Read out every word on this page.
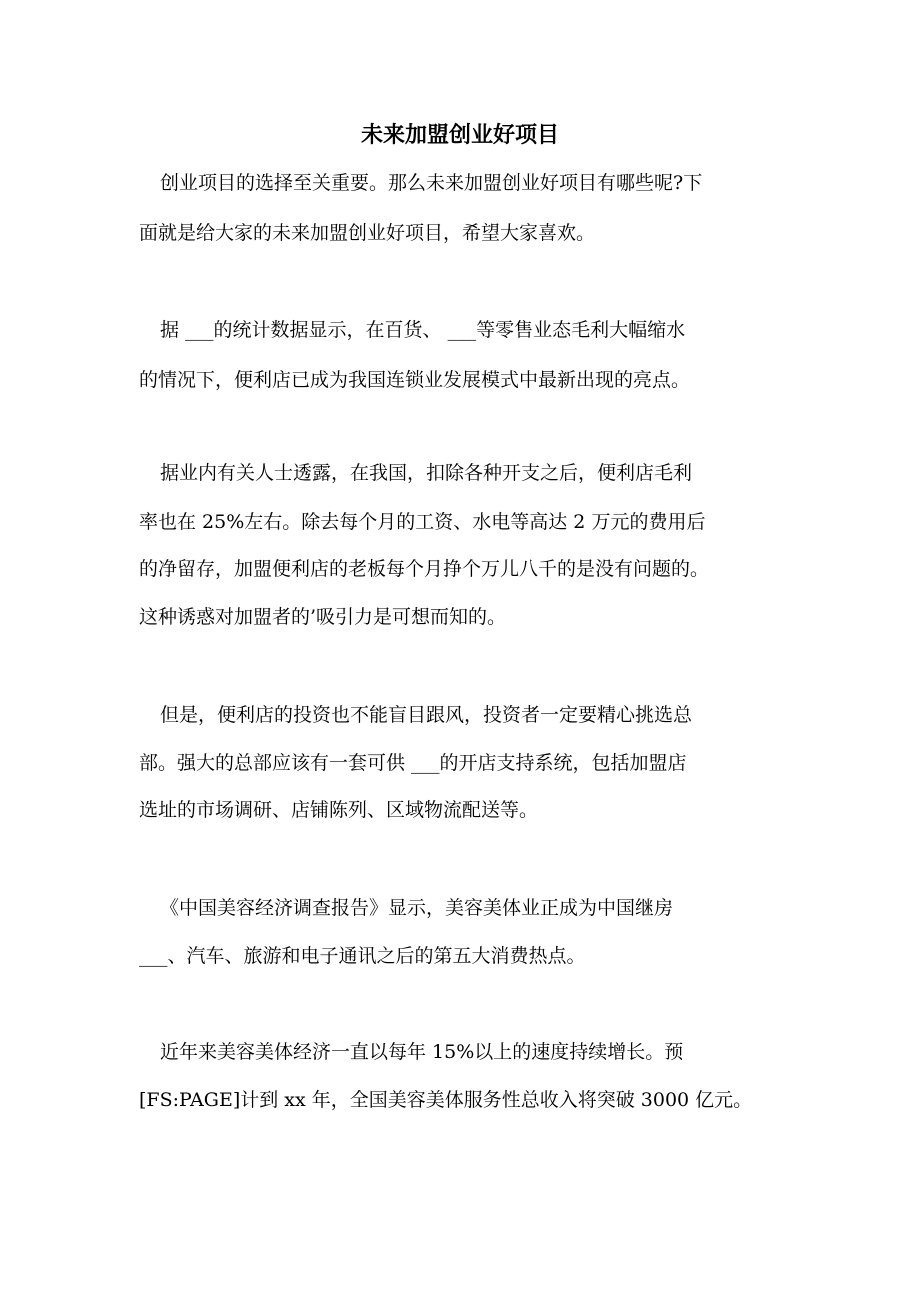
未来加盟创业好项目

创业项目的选择至关重要。那么未来加盟创业好项目有哪些呢?下

面就是给大家的未来加盟创业好项目，希望大家喜欢。

据 ___的统计数据显示，在百货、 ___等零售业态毛利大幅缩水

的情况下，便利店已成为我国连锁业发展模式中最新出现的亮点。

据业内有关人士透露，在我国，扣除各种开支之后，便利店毛利

率也在 25%左右。除去每个月的工资、水电等高达 2 万元的费用后

的净留存，加盟便利店的老板每个月挣个万儿八千的是没有问题的。

这种诱惑对加盟者的’吸引力是可想而知的。

但是，便利店的投资也不能盲目跟风，投资者一定要精心挑选总

部。强大的总部应该有一套可供 ___的开店支持系统，包括加盟店

选址的市场调研、店铺陈列、区域物流配送等。

《中国美容经济调查报告》显示，美容美体业正成为中国继房

___、汽车、旅游和电子通讯之后的第五大消费热点。

近年来美容美体经济一直以每年 15%以上的速度持续增长。预

[FS:PAGE]计到 xx 年，全国美容美体服务性总收入将突破 3000 亿元。
